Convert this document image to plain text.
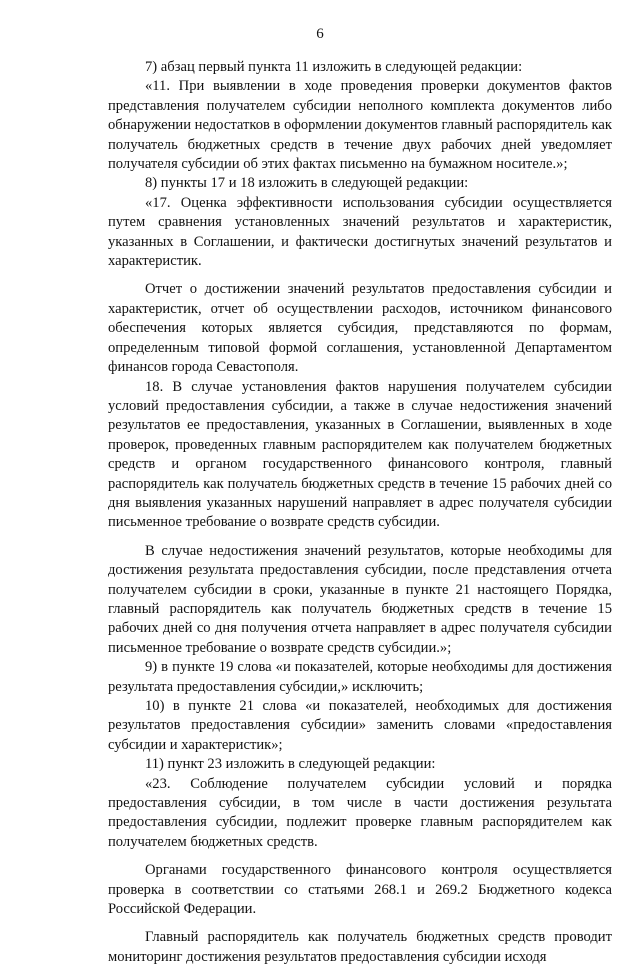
6

7) абзац первый пункта 11 изложить в следующей редакции:

«11. При выявлении в ходе проведения проверки документов фактов представления получателем субсидии неполного комплекта документов либо обнаружении недостатков в оформлении документов главный распорядитель как получатель бюджетных средств в течение двух рабочих дней уведомляет получателя субсидии об этих фактах письменно на бумажном носителе.»;

8) пункты 17 и 18 изложить в следующей редакции:

«17. Оценка эффективности использования субсидии осуществляется путем сравнения установленных значений результатов и характеристик, указанных в Соглашении, и фактически достигнутых значений результатов и характеристик.

Отчет о достижении значений результатов предоставления субсидии и характеристик, отчет об осуществлении расходов, источником финансового обеспечения которых является субсидия, представляются по формам, определенным типовой формой соглашения, установленной Департаментом финансов города Севастополя.

18. В случае установления фактов нарушения получателем субсидии условий предоставления субсидии, а также в случае недостижения значений результатов ее предоставления, указанных в Соглашении, выявленных в ходе проверок, проведенных главным распорядителем как получателем бюджетных средств и органом государственного финансового контроля, главный распорядитель как получатель бюджетных средств в течение 15 рабочих дней со дня выявления указанных нарушений направляет в адрес получателя субсидии письменное требование о возврате средств субсидии.

В случае недостижения значений результатов, которые необходимы для достижения результата предоставления субсидии, после представления отчета получателем субсидии в сроки, указанные в пункте 21 настоящего Порядка, главный распорядитель как получатель бюджетных средств в течение 15 рабочих дней со дня получения отчета направляет в адрес получателя субсидии письменное требование о возврате средств субсидии.»;

9) в пункте 19 слова «и показателей, которые необходимы для достижения результата предоставления субсидии,» исключить;

10) в пункте 21 слова «и показателей, необходимых для достижения результатов предоставления субсидии» заменить словами «предоставления субсидии и характеристик»;

11) пункт 23 изложить в следующей редакции:

«23. Соблюдение получателем субсидии условий и порядка предоставления субсидии, в том числе в части достижения результата предоставления субсидии, подлежит проверке главным распорядителем как получателем бюджетных средств.

Органами государственного финансового контроля осуществляется проверка в соответствии со статьями 268.1 и 269.2 Бюджетного кодекса Российской Федерации.

Главный распорядитель как получатель бюджетных средств проводит мониторинг достижения результатов предоставления субсидии исходя
